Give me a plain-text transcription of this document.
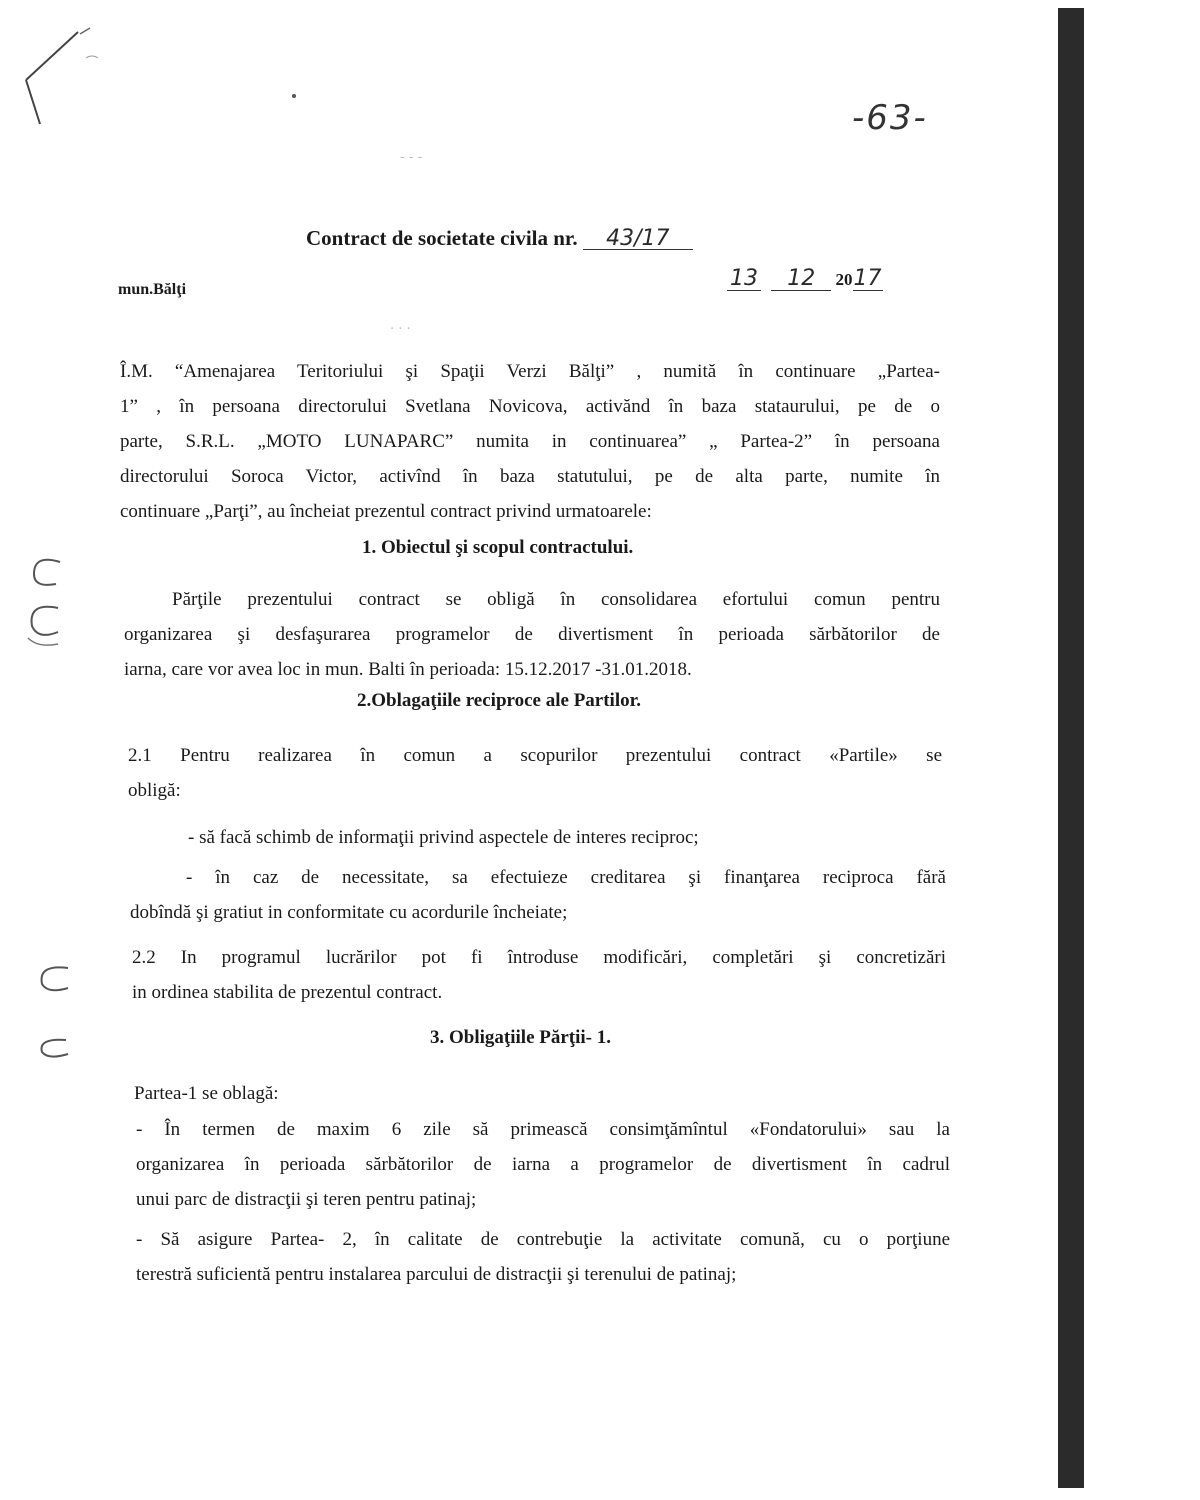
- - -
· · ·
-63-
Contract de societate civila nr. 43/17
mun.Bălţi	13 12 2017
Î.M. “Amenajarea Teritoriului şi Spaţii Verzi Bălţi” , numită în continuare „Partea-
1” , în persoana directorului Svetlana Novicova, activănd în baza stataurului, pe de o
parte, S.R.L. „MOTO LUNAPARC” numita in continuarea” „ Partea-2” în persoana
directorului Soroca Victor, activînd în baza statutului, pe de alta parte, numite în
continuare „Parţi”, au încheiat prezentul contract privind urmatoarele:
1. Obiectul şi scopul contractului.
Părţile prezentului contract se obligă în consolidarea efortului comun pentru
organizarea şi desfaşurarea programelor de divertisment în perioada sărbătorilor de
iarna, care vor avea loc in mun. Balti în perioada: 15.12.2017 -31.01.2018.
2.Oblagaţiile reciproce ale Partilor.
2.1 Pentru realizarea în comun a scopurilor prezentului contract «Partile» se
obligă:
- să facă schimb de informaţii privind aspectele de interes reciproc;
- în caz de necessitate, sa efectuieze creditarea şi finanţarea reciproca fără
dobîndă şi gratiut in conformitate cu acordurile încheiate;
2.2 In programul lucrărilor pot fi întroduse modificări, completări şi concretizări
in ordinea stabilita de prezentul contract.
3. Obligaţiile Părţii- 1.
Partea-1 se oblagă:
- În termen de maxim 6 zile să primească consimţămîntul «Fondatorului» sau la
organizarea în perioada sărbătorilor de iarna a programelor de divertisment în cadrul
unui parc de distracţii şi teren pentru patinaj;
- Să asigure Partea- 2, în calitate de contrebuţie la activitate comună, cu o porţiune
terestră suficientă pentru instalarea parcului de distracţii şi terenului de patinaj;
